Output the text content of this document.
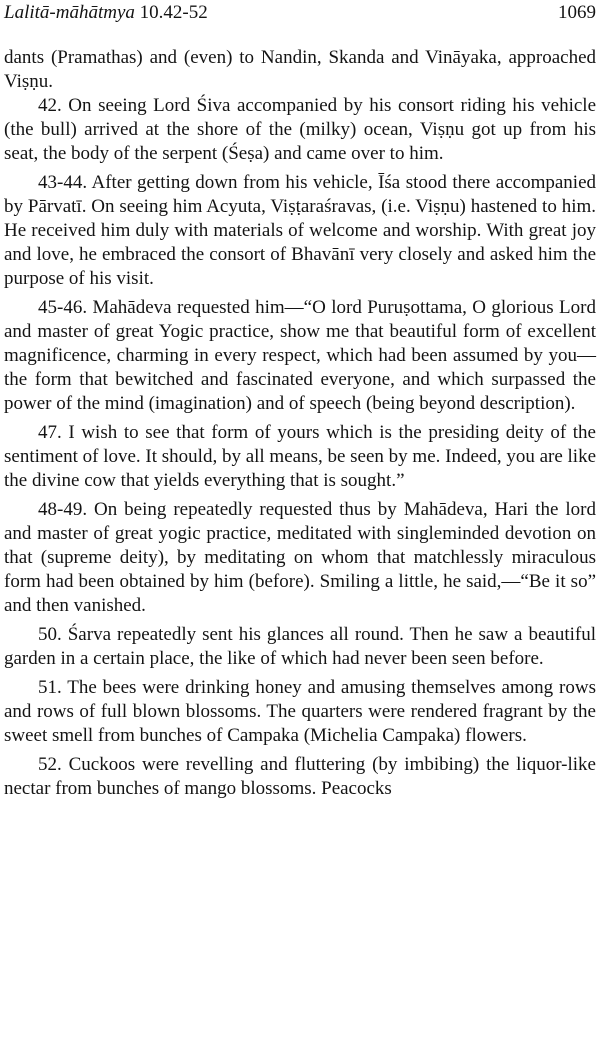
Lalitā-māhātmya 10.42-52	1069

dants (Pramathas) and (even) to Nandin, Skanda and Vināyaka, approached Viṣṇu.

42. On seeing Lord Śiva accompanied by his consort riding his vehicle (the bull) arrived at the shore of the (milky) ocean, Viṣṇu got up from his seat, the body of the serpent (Śeṣa) and came over to him.

43-44. After getting down from his vehicle, Īśa stood there accompanied by Pārvatī. On seeing him Acyuta, Viṣṭaraśravas, (i.e. Viṣṇu) hastened to him. He received him duly with materials of welcome and worship. With great joy and love, he embraced the consort of Bhavānī very closely and asked him the purpose of his visit.

45-46. Mahādeva requested him—“O lord Puruṣottama, O glorious Lord and master of great Yogic practice, show me that beautiful form of excellent magnificence, charming in every respect, which had been assumed by you—the form that bewitched and fascinated everyone, and which surpassed the power of the mind (imagination) and of speech (being beyond description).

47. I wish to see that form of yours which is the presiding deity of the sentiment of love. It should, by all means, be seen by me. Indeed, you are like the divine cow that yields everything that is sought.”

48-49. On being repeatedly requested thus by Mahādeva, Hari the lord and master of great yogic practice, meditated with singleminded devotion on that (supreme deity), by meditating on whom that matchlessly miraculous form had been obtained by him (before). Smiling a little, he said,—“Be it so” and then vanished.

50. Śarva repeatedly sent his glances all round. Then he saw a beautiful garden in a certain place, the like of which had never been seen before.

51. The bees were drinking honey and amusing themselves among rows and rows of full blown blossoms. The quarters were rendered fragrant by the sweet smell from bunches of Campaka (Michelia Campaka) flowers.

52. Cuckoos were revelling and fluttering (by imbibing) the liquor-like nectar from bunches of mango blossoms. Peacocks
